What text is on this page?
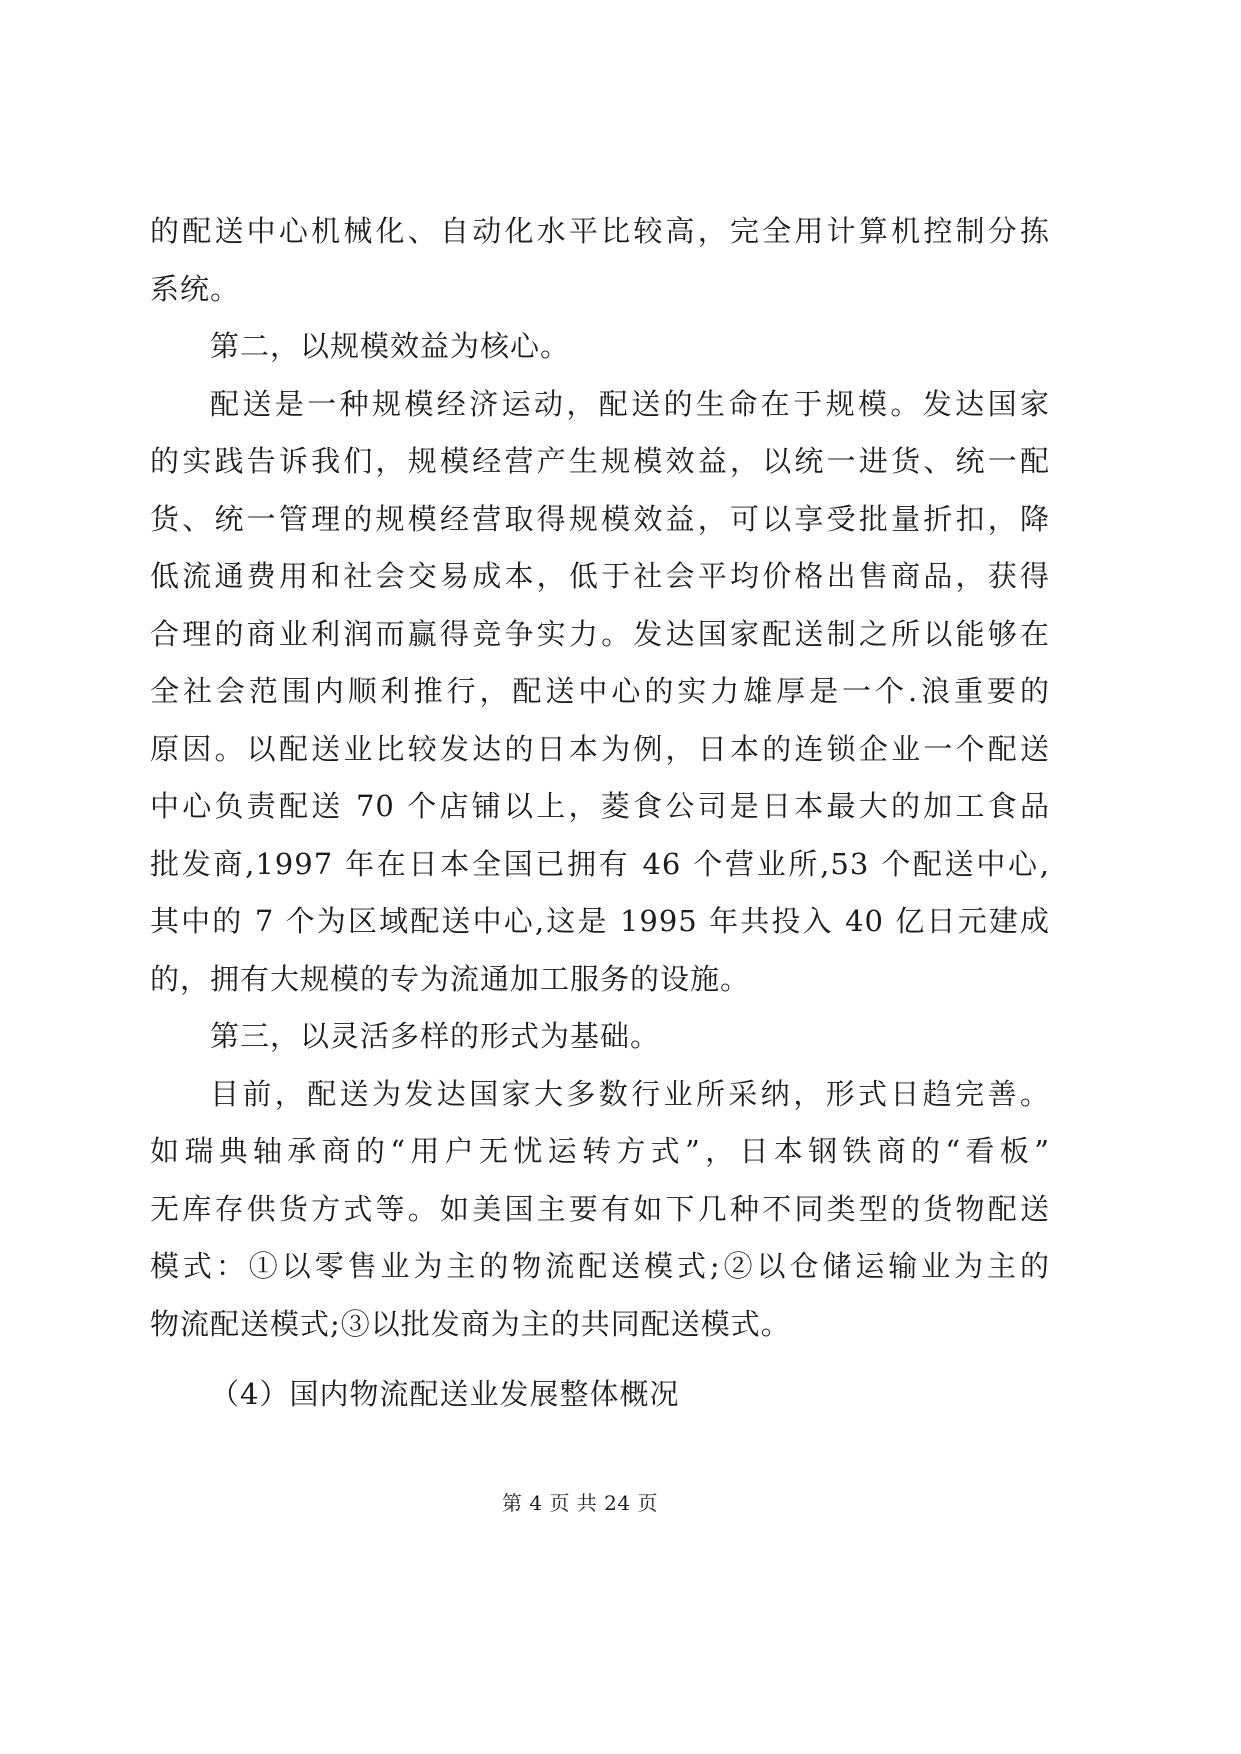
的配送中心机械化、自动化水平比较高，完全用计算机控制分拣
系统。
第二，以规模效益为核心。
配送是一种规模经济运动，配送的生命在于规模。发达国家
的实践告诉我们，规模经营产生规模效益，以统一进货、统一配
货、统一管理的规模经营取得规模效益，可以享受批量折扣，降
低流通费用和社会交易成本，低于社会平均价格出售商品，获得
合理的商业利润而赢得竞争实力。发达国家配送制之所以能够在
全社会范围内顺利推行，配送中心的实力雄厚是一个.浪重要的
原因。以配送业比较发达的日本为例，日本的连锁企业一个配送
中心负责配送 70 个店铺以上，菱食公司是日本最大的加工食品
批发商,1997 年在日本全国已拥有 46 个营业所,53 个配送中心,
其中的 7 个为区域配送中心,这是 1995 年共投入 40 亿日元建成
的，拥有大规模的专为流通加工服务的设施。
第三，以灵活多样的形式为基础。
目前，配送为发达国家大多数行业所采纳，形式日趋完善。
如瑞典轴承商的“用户无忧运转方式”，日本钢铁商的“看板”
无库存供货方式等。如美国主要有如下几种不同类型的货物配送
模式：①以零售业为主的物流配送模式;②以仓储运输业为主的
物流配送模式;③以批发商为主的共同配送模式。
（4）国内物流配送业发展整体概况
第 4 页 共 24 页
